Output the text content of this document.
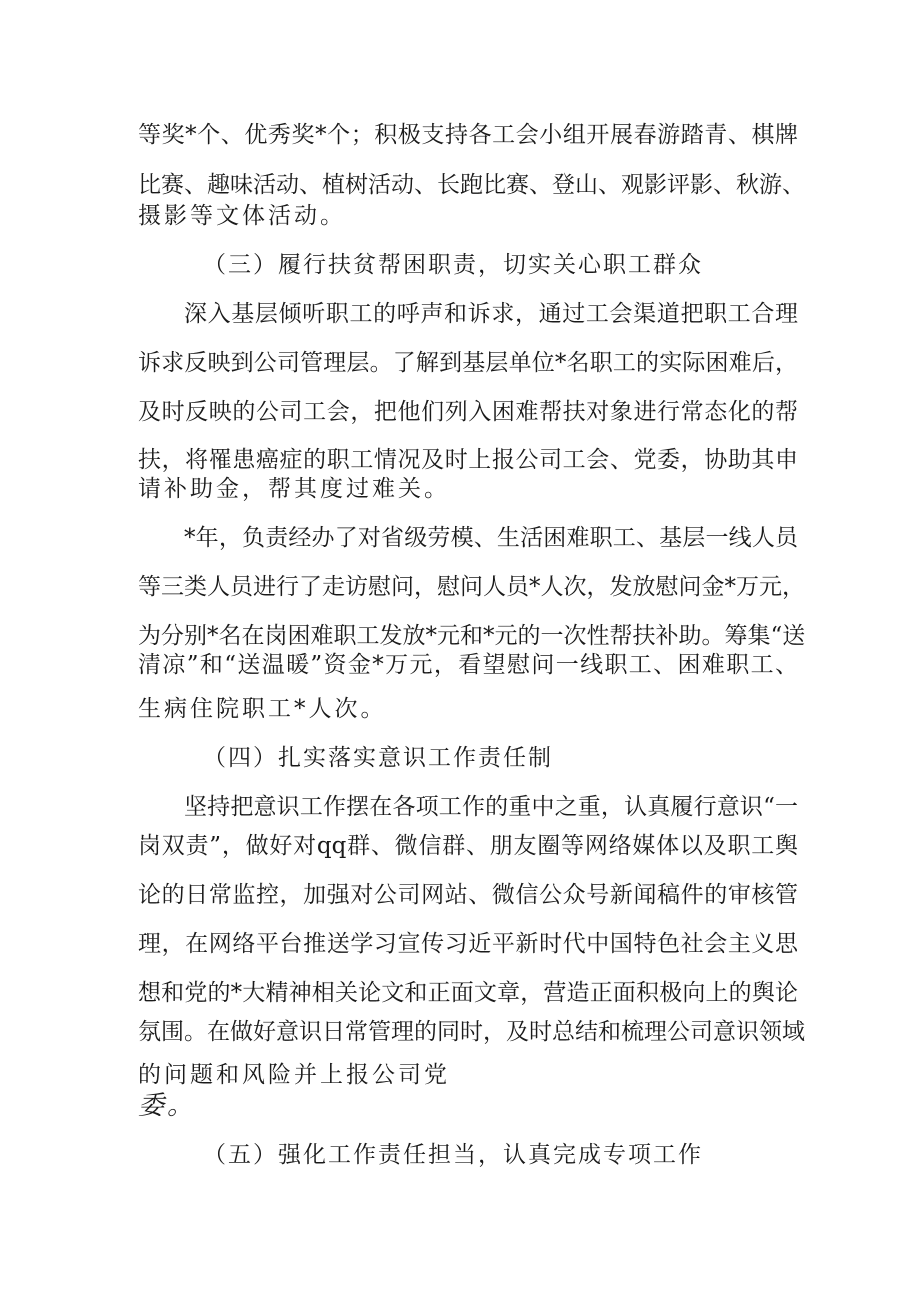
等奖*个、优秀奖*个；积极支持各工会小组开展春游踏青、棋牌
比赛、趣味活动、植树活动、长跑比赛、登山、观影评影、秋游、
摄影等文体活动。
（三）履行扶贫帮困职责，切实关心职工群众
深入基层倾听职工的呼声和诉求，通过工会渠道把职工合理
诉求反映到公司管理层。了解到基层单位*名职工的实际困难后，
及时反映的公司工会，把他们列入困难帮扶对象进行常态化的帮
扶，将罹患癌症的职工情况及时上报公司工会、党委，协助其申
请补助金，帮其度过难关。
*年，负责经办了对省级劳模、生活困难职工、基层一线人员
等三类人员进行了走访慰问，慰问人员*人次，发放慰问金*万元，
为分别*名在岗困难职工发放*元和*元的一次性帮扶补助。筹集“送
清凉”和“送温暖”资金*万元，看望慰问一线职工、困难职工、
生病住院职工*人次。
（四）扎实落实意识工作责任制
坚持把意识工作摆在各项工作的重中之重，认真履行意识“一
岗双责”，做好对qq群、微信群、朋友圈等网络媒体以及职工舆
论的日常监控，加强对公司网站、微信公众号新闻稿件的审核管
理，在网络平台推送学习宣传习近平新时代中国特色社会主义思
想和党的*大精神相关论文和正面文章，营造正面积极向上的舆论
氛围。在做好意识日常管理的同时，及时总结和梳理公司意识领域
的问题和风险并上报公司党
委。
（五）强化工作责任担当，认真完成专项工作
